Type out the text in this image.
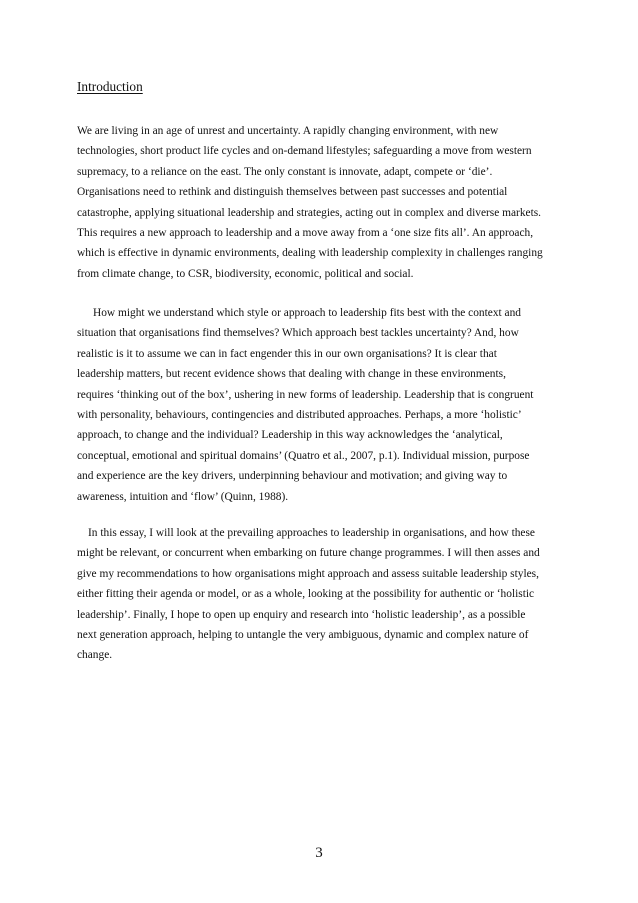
Introduction

We are living in an age of unrest and uncertainty. A rapidly changing environment, with new
technologies, short product life cycles and on-demand lifestyles; safeguarding a move from western
supremacy, to a reliance on the east. The only constant is innovate, adapt, compete or ‘die’.
Organisations need to rethink and distinguish themselves between past successes and potential
catastrophe, applying situational leadership and strategies, acting out in complex and diverse markets.
This requires a new approach to leadership and a move away from a ‘one size fits all’. An approach,
which is effective in dynamic environments, dealing with leadership complexity in challenges ranging
from climate change, to CSR, biodiversity, economic, political and social.

How might we understand which style or approach to leadership fits best with the context and
situation that organisations find themselves? Which approach best tackles uncertainty? And, how
realistic is it to assume we can in fact engender this in our own organisations? It is clear that
leadership matters, but recent evidence shows that dealing with change in these environments,
requires ‘thinking out of the box’, ushering in new forms of leadership. Leadership that is congruent
with personality, behaviours, contingencies and distributed approaches. Perhaps, a more ‘holistic’
approach, to change and the individual? Leadership in this way acknowledges the ‘analytical,
conceptual, emotional and spiritual domains’ (Quatro et al., 2007, p.1). Individual mission, purpose
and experience are the key drivers, underpinning behaviour and motivation; and giving way to
awareness, intuition and ‘flow’ (Quinn, 1988).

In this essay, I will look at the prevailing approaches to leadership in organisations, and how these
might be relevant, or concurrent when embarking on future change programmes. I will then asses and
give my recommendations to how organisations might approach and assess suitable leadership styles,
either fitting their agenda or model, or as a whole, looking at the possibility for authentic or ‘holistic
leadership’. Finally, I hope to open up enquiry and research into ‘holistic leadership’, as a possible
next generation approach, helping to untangle the very ambiguous, dynamic and complex nature of
change.

3
